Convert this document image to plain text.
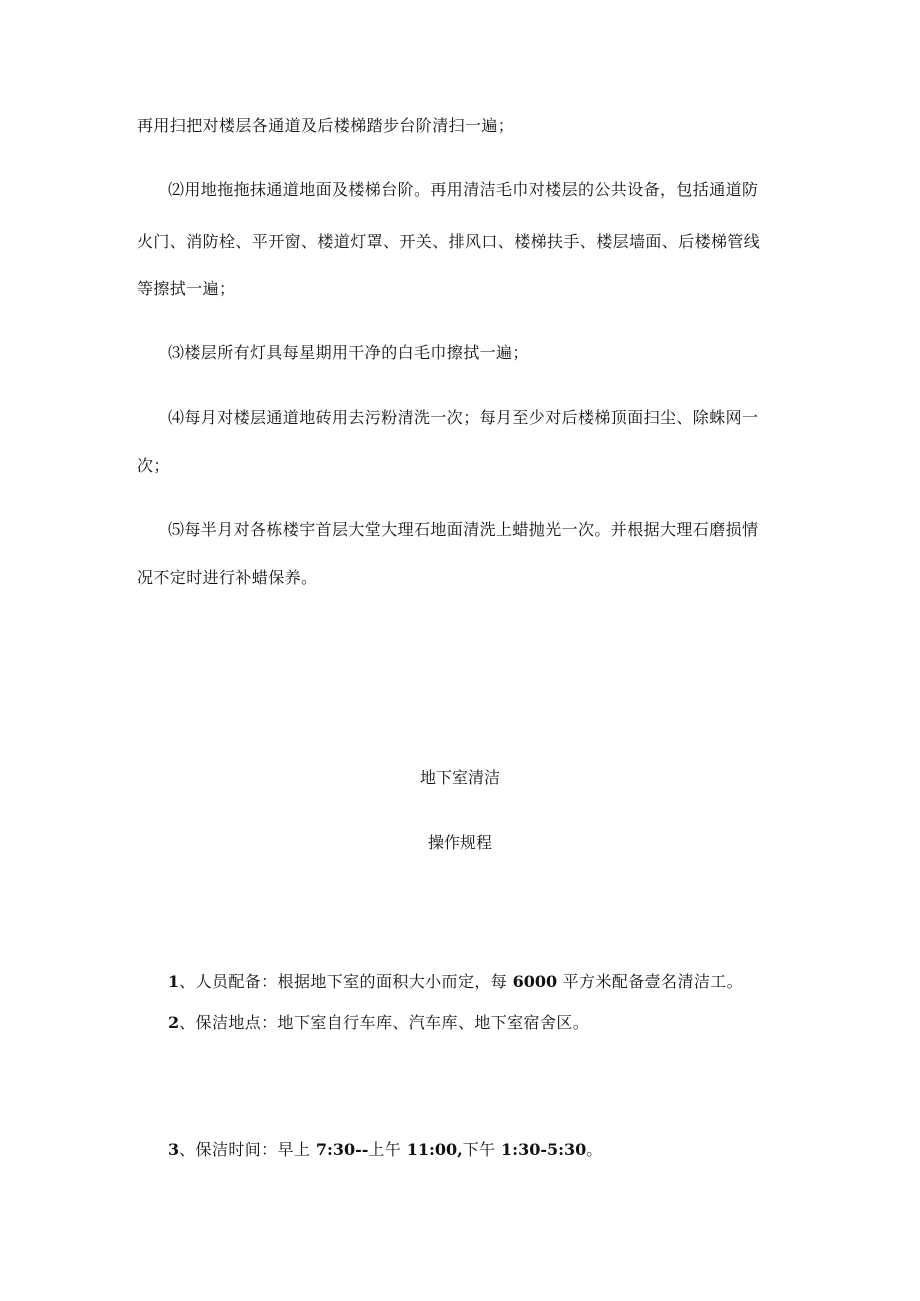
再用扫把对楼层各通道及后楼梯踏步台阶清扫一遍；
⑵用地拖拖抹通道地面及楼梯台阶。再用清洁毛巾对楼层的公共设备，包括通道防
火门、消防栓、平开窗、楼道灯罩、开关、排风口、楼梯扶手、楼层墙面、后楼梯管线
等擦拭一遍；
⑶楼层所有灯具每星期用干净的白毛巾擦拭一遍；
⑷每月对楼层通道地砖用去污粉清洗一次；每月至少对后楼梯顶面扫尘、除蛛网一
次；
⑸每半月对各栋楼宇首层大堂大理石地面清洗上蜡抛光一次。并根据大理石磨损情
况不定时进行补蜡保养。
地下室清洁
操作规程
1、人员配备：根据地下室的面积大小而定，每 6000 平方米配备壹名清洁工。
2、保洁地点：地下室自行车库、汽车库、地下室宿舍区。
3、保洁时间：早上 7:30--上午 11:00,下午 1:30-5:30。
